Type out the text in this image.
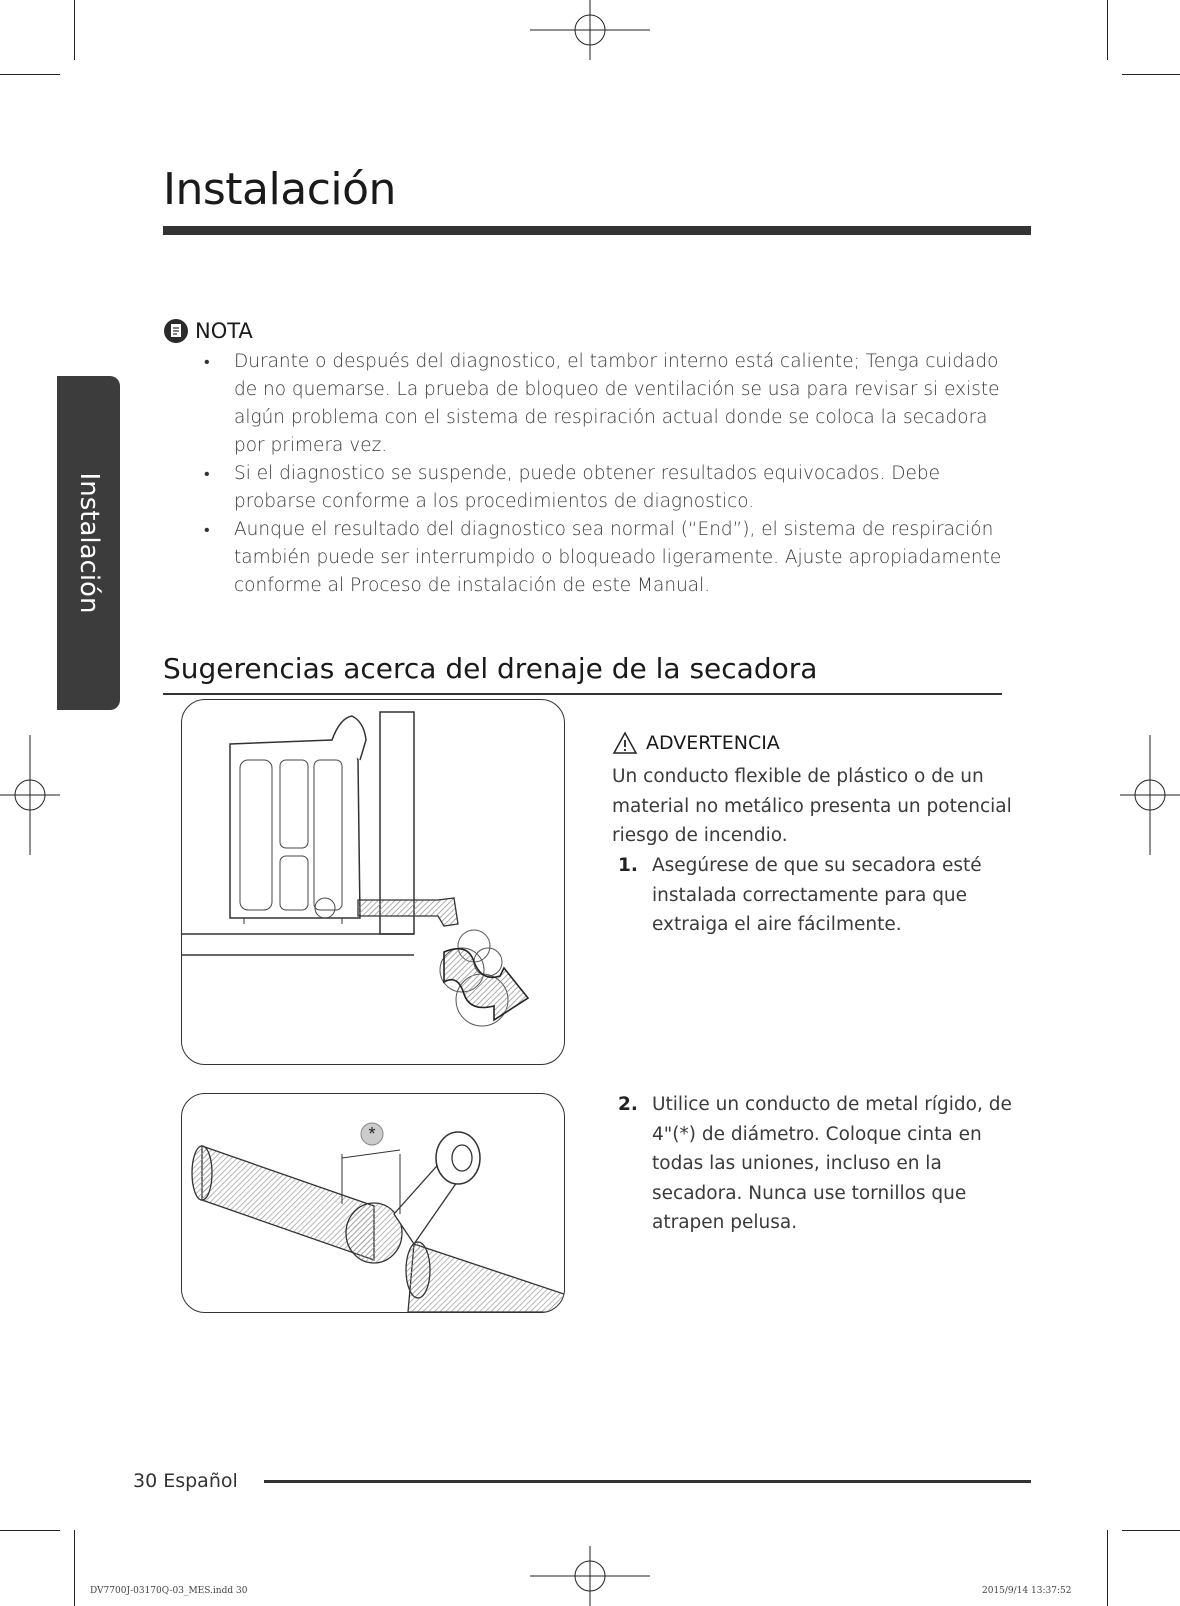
Instalación
Instalación
NOTA
• Durante o después del diagnostico, el tambor interno está caliente; Tenga cuidado de no quemarse. La prueba de bloqueo de ventilación se usa para revisar si existe algún problema con el sistema de respiración actual donde se coloca la secadora por primera vez.
• Si el diagnostico se suspende, puede obtener resultados equivocados. Debe probarse conforme a los procedimientos de diagnostico.
• Aunque el resultado del diagnostico sea normal (“End”), el sistema de respiración también puede ser interrumpido o bloqueado ligeramente. Ajuste apropiadamente conforme al Proceso de instalación de este Manual.
Sugerencias acerca del drenaje de la secadora
ADVERTENCIA
Un conducto flexible de plástico o de un material no metálico presenta un potencial riesgo de incendio.
1. Asegúrese de que su secadora esté instalada correctamente para que extraiga el aire fácilmente.
*
2. Utilice un conducto de metal rígido, de 4"(*) de diámetro. Coloque cinta en todas las uniones, incluso en la secadora. Nunca use tornillos que atrapen pelusa.
30 Español
DV7700J-03170Q-03_MES.indd 30	2015/9/14 13:37:52
